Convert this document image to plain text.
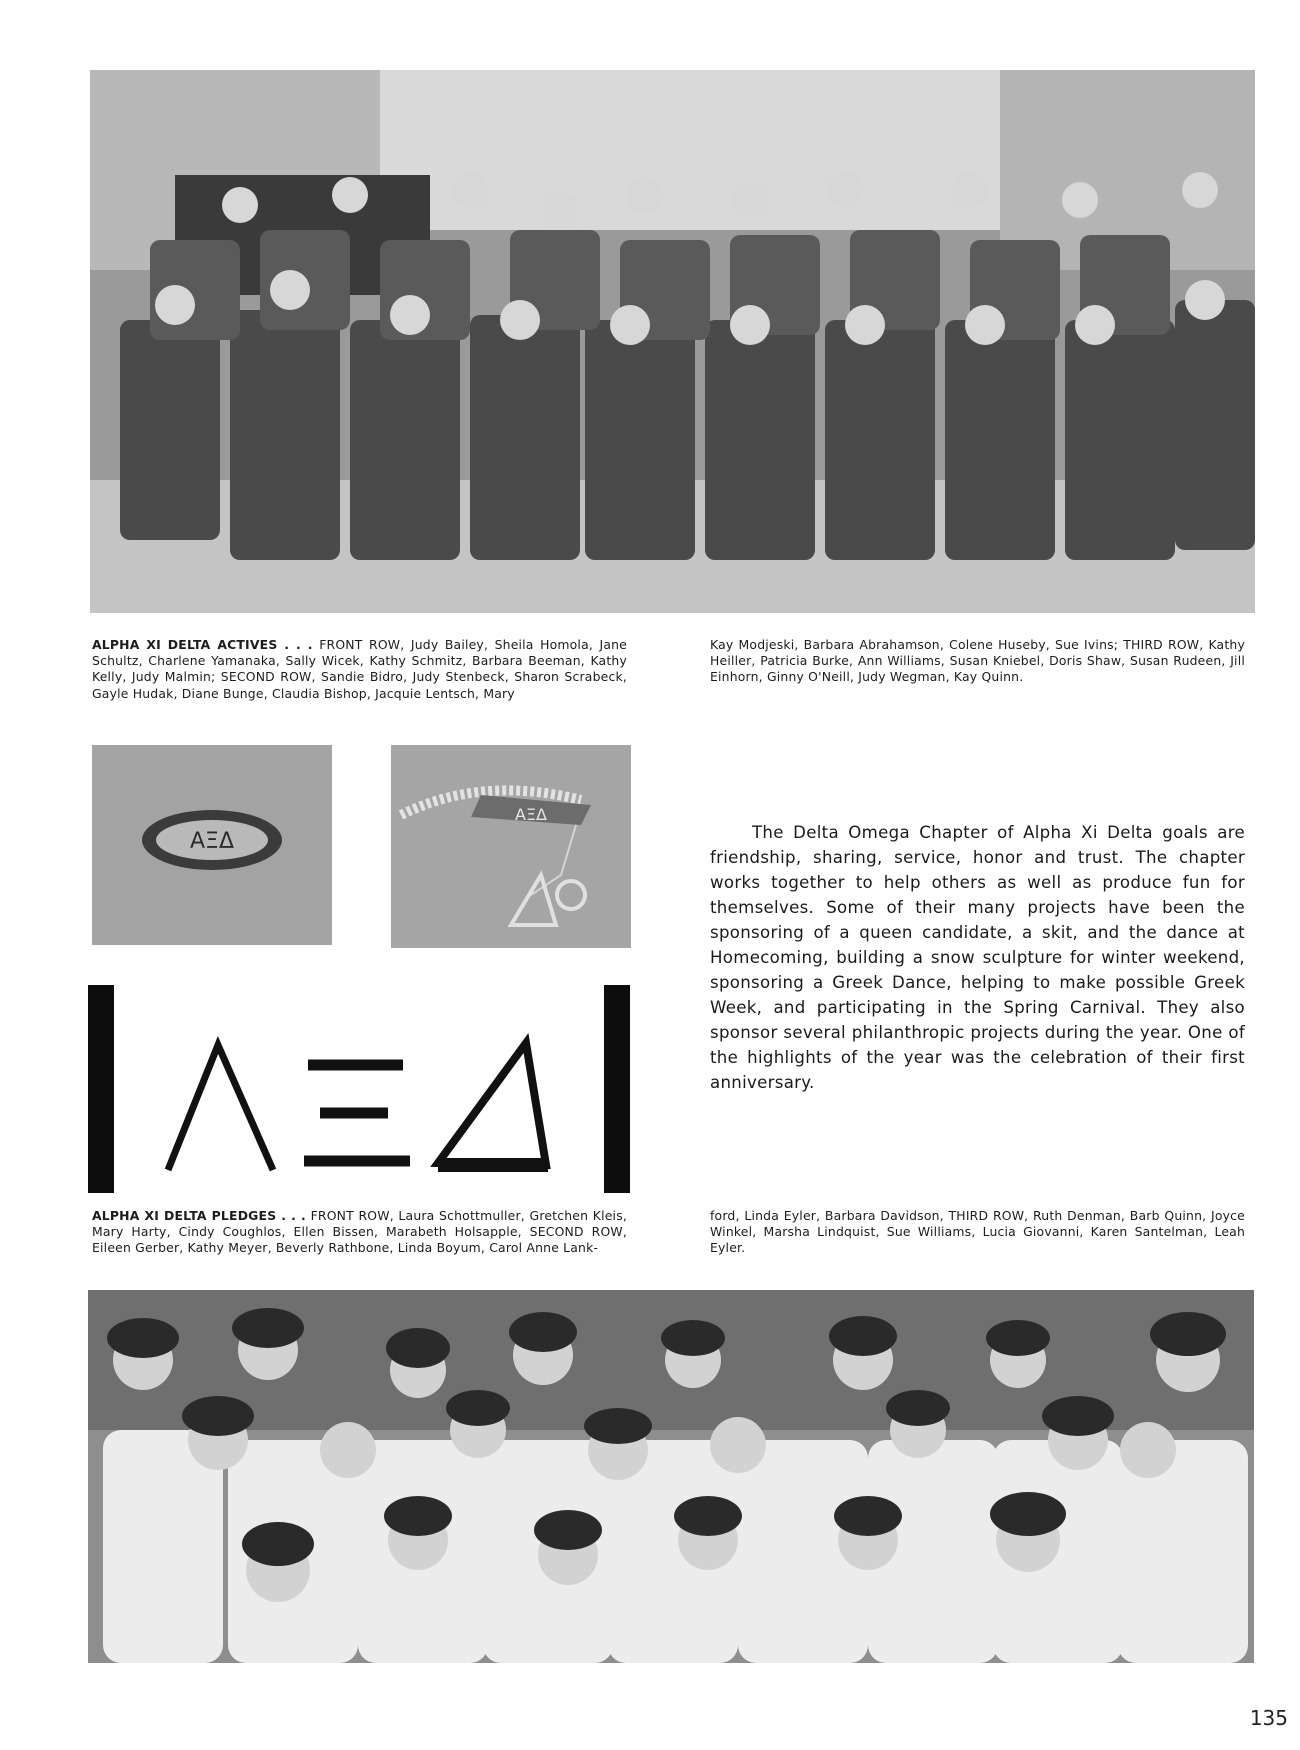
ALPHA XI DELTA ACTIVES . . . FRONT ROW, Judy Bailey, Sheila Homola, Jane Schultz, Charlene Yamanaka, Sally Wicek, Kathy Schmitz, Barbara Beeman, Kathy Kelly, Judy Malmin; SECOND ROW, Sandie Bidro, Judy Stenbeck, Sharon Scrabeck, Gayle Hudak, Diane Bunge, Claudia Bishop, Jacquie Lentsch, Mary
Kay Modjeski, Barbara Abrahamson, Colene Huseby, Sue Ivins; THIRD ROW, Kathy Heiller, Patricia Burke, Ann Williams, Susan Kniebel, Doris Shaw, Susan Rudeen, Jill Einhorn, Ginny O'Neill, Judy Wegman, Kay Quinn.
ΑΞΔ
ΑΞΔ
The Delta Omega Chapter of Alpha Xi Delta goals are friendship, sharing, service, honor and trust. The chapter works together to help others as well as produce fun for themselves. Some of their many projects have been the sponsoring of a queen candidate, a skit, and the dance at Homecoming, building a snow sculpture for winter weekend, sponsoring a Greek Dance, helping to make possible Greek Week, and participating in the Spring Carnival. They also sponsor several philanthropic projects during the year. One of the highlights of the year was the celebration of their first anniversary.
ALPHA XI DELTA PLEDGES . . . FRONT ROW, Laura Schottmuller, Gretchen Kleis, Mary Harty, Cindy Coughlos, Ellen Bissen, Marabeth Holsapple, SECOND ROW, Eileen Gerber, Kathy Meyer, Beverly Rathbone, Linda Boyum, Carol Anne Lank-
ford, Linda Eyler, Barbara Davidson, THIRD ROW, Ruth Denman, Barb Quinn, Joyce Winkel, Marsha Lindquist, Sue Williams, Lucia Giovanni, Karen Santelman, Leah Eyler.
135
